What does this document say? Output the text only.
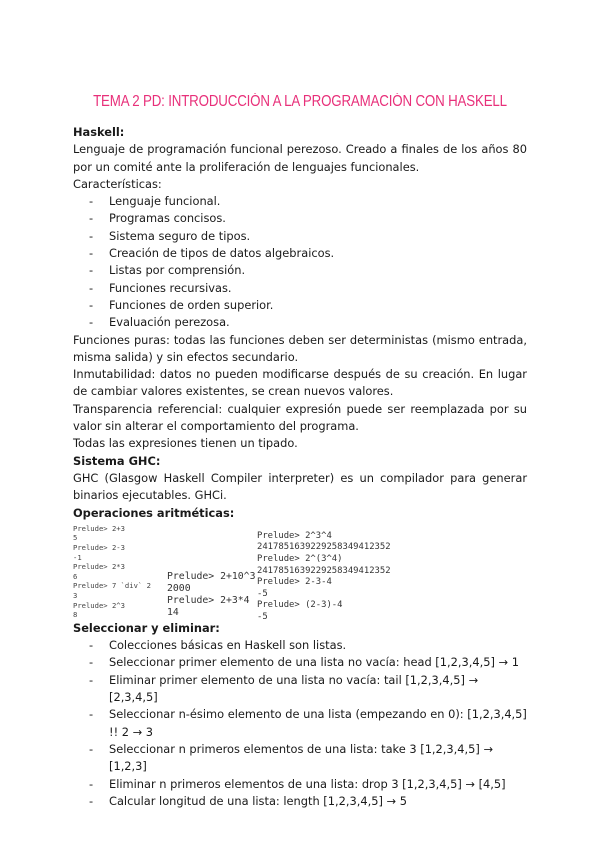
TEMA 2 PD: INTRODUCCIÓN A LA PROGRAMACIÓN CON HASKELL

Haskell:

Lenguaje de programación funcional perezoso. Creado a finales de los años 80 por un comité ante la proliferación de lenguajes funcionales.

Características:

- Lenguaje funcional.
- Programas concisos.
- Sistema seguro de tipos.
- Creación de tipos de datos algebraicos.
- Listas por comprensión.
- Funciones recursivas.
- Funciones de orden superior.
- Evaluación perezosa.

Funciones puras: todas las funciones deben ser deterministas (mismo entrada, misma salida) y sin efectos secundario.

Inmutabilidad: datos no pueden modificarse después de su creación. En lugar de cambiar valores existentes, se crean nuevos valores.

Transparencia referencial: cualquier expresión puede ser reemplazada por su valor sin alterar el comportamiento del programa.

Todas las expresiones tienen un tipado.

Sistema GHC:

GHC (Glasgow Haskell Compiler interpreter) es un compilador para generar binarios ejecutables. GHCi.

Operaciones aritméticas:

Prelude> 2+3
5
Prelude> 2-3
-1
Prelude> 2*3
6
Prelude> 7 `div` 2
3
Prelude> 2^3
8
Prelude> 2+10^3
2000
Prelude> 2+3*4
14
Prelude> 2^3^4
2417851639229258349412352
Prelude> 2^(3^4)
2417851639229258349412352
Prelude> 2-3-4
-5
Prelude> (2-3)-4
-5

Seleccionar y eliminar:

- Colecciones básicas en Haskell son listas.
- Seleccionar primer elemento de una lista no vacía: head [1,2,3,4,5] → 1
- Eliminar primer elemento de una lista no vacía: tail [1,2,3,4,5] → [2,3,4,5]
- Seleccionar n-ésimo elemento de una lista (empezando en 0): [1,2,3,4,5] !! 2 → 3
- Seleccionar n primeros elementos de una lista: take 3 [1,2,3,4,5] → [1,2,3]
- Eliminar n primeros elementos de una lista: drop 3 [1,2,3,4,5] → [4,5]
- Calcular longitud de una lista: length [1,2,3,4,5] → 5
